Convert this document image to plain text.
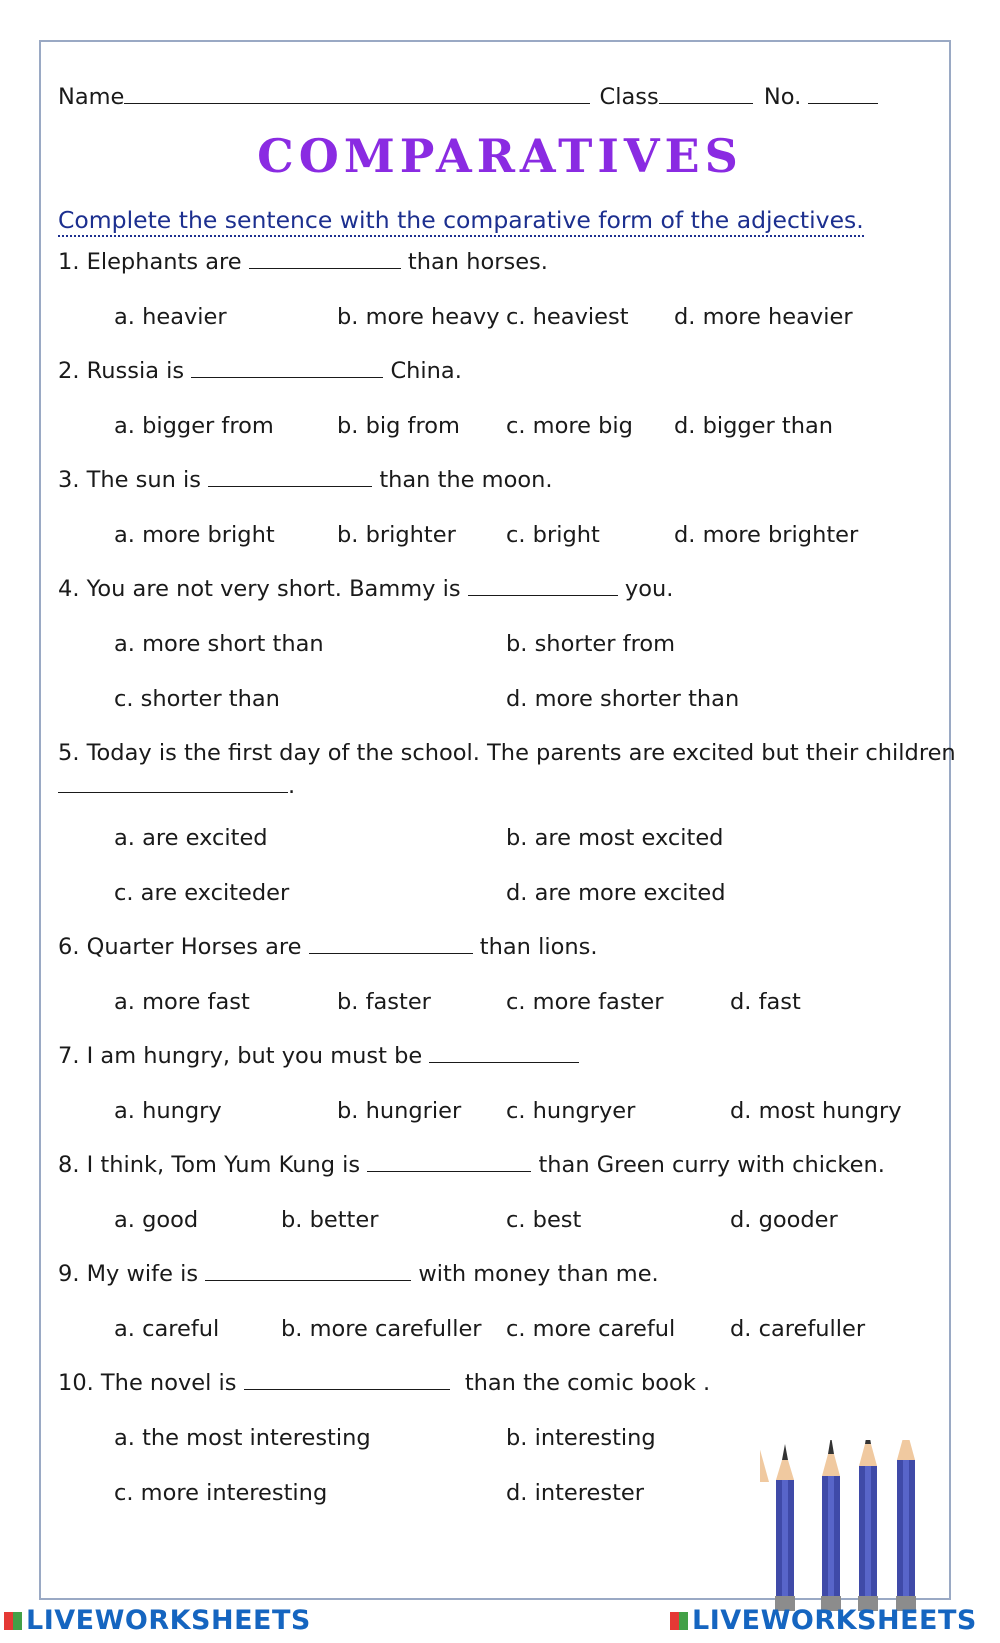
Name	Class	No.
COMPARATIVES
Complete the sentence with the comparative form of the adjectives.
1. Elephants are	than horses.
a. heavier	b. more heavy c. heaviest d. more heavier
2. Russia is	China.
a. bigger from	b. big from c. more big d. bigger than
3. The sun is	than the moon.
a. more bright	b. brighter c. bright	d. more brighter
4. You are not very short. Bammy is	you.
a. more short than	b. shorter from
c. shorter than	d. more shorter than
5. Today is the first day of the school. The parents are excited but their children
.
a. are excited	b. are most excited
c. are exciteder	d. are more excited
6. Quarter Horses are	than lions.
a. more fast	b. faster	c. more faster	d. fast
7. I am hungry, but you must be
a. hungry	b. hungrier c. hungryer	d. most hungry
8. I think, Tom Yum Kung is	than Green curry with chicken.
a. good	b. better	c. best	d. gooder
9. My wife is	with money than me.
a. careful	b. more carefuller c. more careful d. carefuller
10. The novel is	than the comic book .
a. the most interesting	b. interesting
c. more interesting	d. interester
LIVEWORKSHEETS	LIVEWORKSHEETS
